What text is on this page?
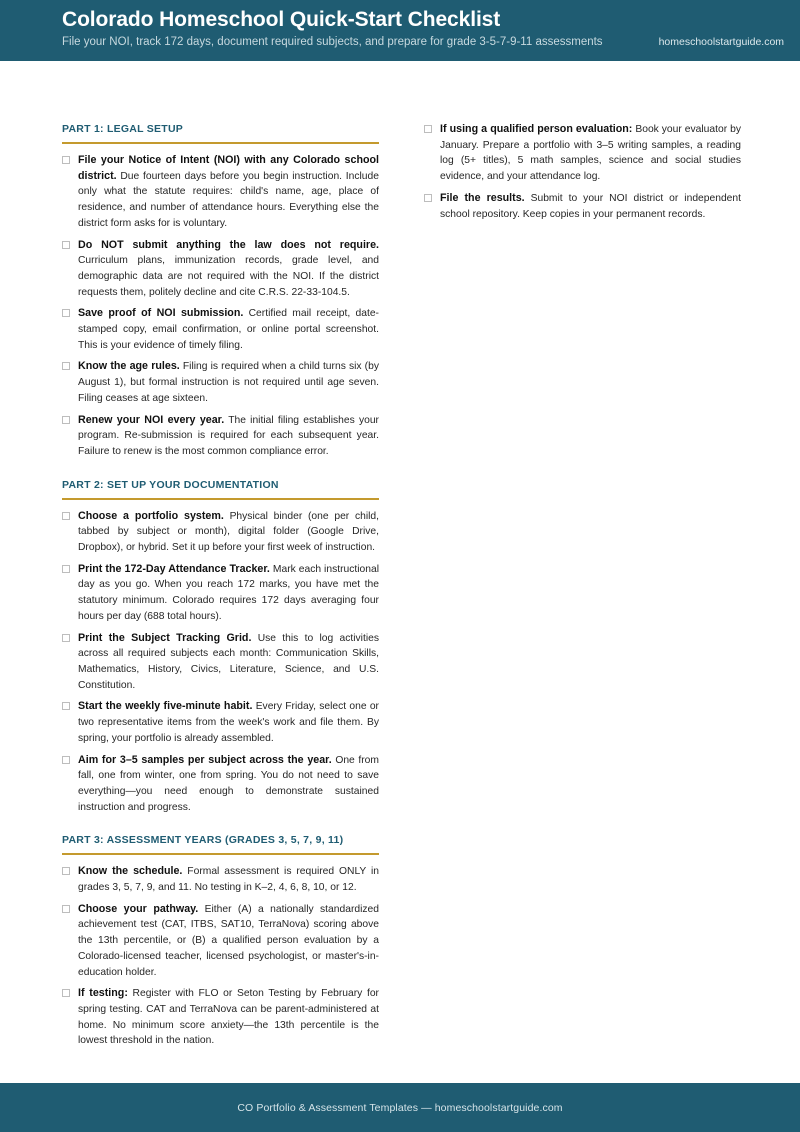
Colorado Homeschool Quick-Start Checklist
File your NOI, track 172 days, document required subjects, and prepare for grade 3-5-7-9-11 assessments	homeschoolstartguide.com
PART 1: LEGAL SETUP
File your Notice of Intent (NOI) with any Colorado school district. Due fourteen days before you begin instruction. Include only what the statute requires: child's name, age, place of residence, and number of attendance hours. Everything else the district form asks for is voluntary.
Do NOT submit anything the law does not require. Curriculum plans, immunization records, grade level, and demographic data are not required with the NOI. If the district requests them, politely decline and cite C.R.S. 22-33-104.5.
Save proof of NOI submission. Certified mail receipt, date-stamped copy, email confirmation, or online portal screenshot. This is your evidence of timely filing.
Know the age rules. Filing is required when a child turns six (by August 1), but formal instruction is not required until age seven. Filing ceases at age sixteen.
Renew your NOI every year. The initial filing establishes your program. Re-submission is required for each subsequent year. Failure to renew is the most common compliance error.
PART 2: SET UP YOUR DOCUMENTATION
Choose a portfolio system. Physical binder (one per child, tabbed by subject or month), digital folder (Google Drive, Dropbox), or hybrid. Set it up before your first week of instruction.
Print the 172-Day Attendance Tracker. Mark each instructional day as you go. When you reach 172 marks, you have met the statutory minimum. Colorado requires 172 days averaging four hours per day (688 total hours).
Print the Subject Tracking Grid. Use this to log activities across all required subjects each month: Communication Skills, Mathematics, History, Civics, Literature, Science, and U.S. Constitution.
Start the weekly five-minute habit. Every Friday, select one or two representative items from the week's work and file them. By spring, your portfolio is already assembled.
Aim for 3–5 samples per subject across the year. One from fall, one from winter, one from spring. You do not need to save everything—you need enough to demonstrate sustained instruction and progress.
PART 3: ASSESSMENT YEARS (GRADES 3, 5, 7, 9, 11)
Know the schedule. Formal assessment is required ONLY in grades 3, 5, 7, 9, and 11. No testing in K–2, 4, 6, 8, 10, or 12.
Choose your pathway. Either (A) a nationally standardized achievement test (CAT, ITBS, SAT10, TerraNova) scoring above the 13th percentile, or (B) a qualified person evaluation by a Colorado-licensed teacher, licensed psychologist, or master's-in-education holder.
If testing: Register with FLO or Seton Testing by February for spring testing. CAT and TerraNova can be parent-administered at home. No minimum score anxiety—the 13th percentile is the lowest threshold in the nation.
If using a qualified person evaluation: Book your evaluator by January. Prepare a portfolio with 3–5 writing samples, a reading log (5+ titles), 5 math samples, science and social studies evidence, and your attendance log.
File the results. Submit to your NOI district or independent school repository. Keep copies in your permanent records.
CO Portfolio & Assessment Templates — homeschoolstartguide.com
